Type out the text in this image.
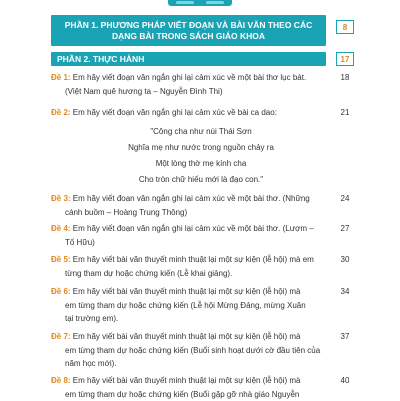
PHẦN 1. PHƯƠNG PHÁP VIẾT ĐOẠN VÀ BÀI VĂN THEO CÁC DẠNG BÀI TRONG SÁCH GIÁO KHOA
8
PHẦN 2. THỰC HÀNH	17
Đề 1: Em hãy viết đoạn văn ngắn ghi lại cảm xúc về một bài thơ lục bát.
(Việt Nam quê hương ta – Nguyễn Đình Thi)
18
Đề 2: Em hãy viết đoạn văn ngắn ghi lại cảm xúc về bài ca dao:	21
"Công cha như núi Thái Sơn
Nghĩa mẹ như nước trong nguồn chảy ra
Một lòng thờ mẹ kính cha
Cho tròn chữ hiếu mới là đạo con."
Đề 3: Em hãy viết đoạn văn ngắn ghi lại cảm xúc về một bài thơ. (Những
cánh buồm – Hoàng Trung Thông)
24
Đề 4: Em hãy viết đoạn văn ngắn ghi lại cảm xúc về một bài thơ. (Lượm –
Tố Hữu)
27
Đề 5: Em hãy viết bài văn thuyết minh thuật lại một sự kiện (lễ hội) mà em
từng tham dự hoặc chứng kiến (Lễ khai giảng).
30
Đề 6: Em hãy viết bài văn thuyết minh thuật lại một sự kiện (lễ hội) mà
em từng tham dự hoặc chứng kiến (Lễ hội Mừng Đảng, mừng Xuân
tại trường em).
34
Đề 7: Em hãy viết bài văn thuyết minh thuật lại một sự kiện (lễ hội) mà
em từng tham dự hoặc chứng kiến (Buổi sinh hoạt dưới cờ đầu tiên của
năm học mới).
37
Đề 8: Em hãy viết bài văn thuyết minh thuật lại một sự kiện (lễ hội) mà
em từng tham dự hoặc chứng kiến (Buổi gặp gỡ nhà giáo Nguyễn
40
